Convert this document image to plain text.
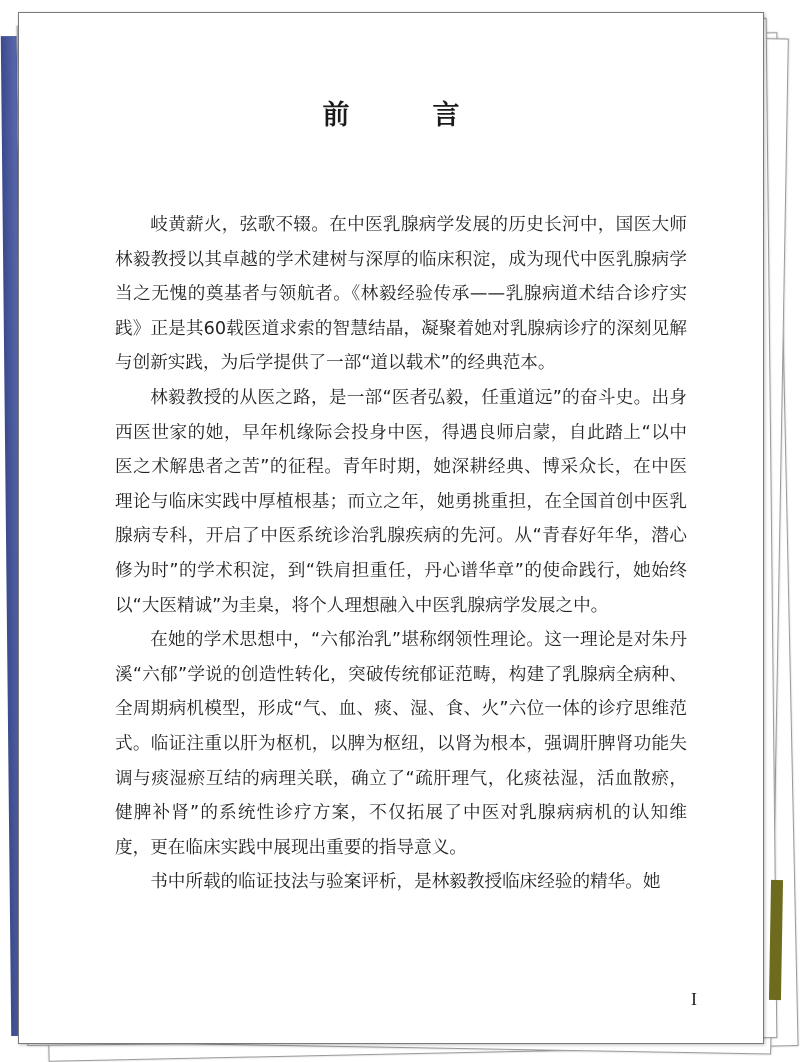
前　言

岐黄薪火，弦歌不辍。在中医乳腺病学发展的历史长河中，国医大师林毅教授以其卓越的学术建树与深厚的临床积淀，成为现代中医乳腺病学当之无愧的奠基者与领航者。《林毅经验传承——乳腺病道术结合诊疗实践》正是其60载医道求索的智慧结晶，凝聚着她对乳腺病诊疗的深刻见解与创新实践，为后学提供了一部“道以载术”的经典范本。

林毅教授的从医之路，是一部“医者弘毅，任重道远”的奋斗史。出身西医世家的她，早年机缘际会投身中医，得遇良师启蒙，自此踏上“以中医之术解患者之苦”的征程。青年时期，她深耕经典、博采众长，在中医理论与临床实践中厚植根基；而立之年，她勇挑重担，在全国首创中医乳腺病专科，开启了中医系统诊治乳腺疾病的先河。从“青春好年华，潜心修为时”的学术积淀，到“铁肩担重任，丹心谱华章”的使命践行，她始终以“大医精诚”为圭臬，将个人理想融入中医乳腺病学发展之中。

在她的学术思想中，“六郁治乳”堪称纲领性理论。这一理论是对朱丹溪“六郁”学说的创造性转化，突破传统郁证范畴，构建了乳腺病全病种、全周期病机模型，形成“气、血、痰、湿、食、火”六位一体的诊疗思维范式。临证注重以肝为枢机，以脾为枢纽，以肾为根本，强调肝脾肾功能失调与痰湿瘀互结的病理关联，确立了“疏肝理气，化痰祛湿，活血散瘀，健脾补肾”的系统性诊疗方案，不仅拓展了中医对乳腺病病机的认知维度，更在临床实践中展现出重要的指导意义。

书中所载的临证技法与验案评析，是林毅教授临床经验的精华。她

I
